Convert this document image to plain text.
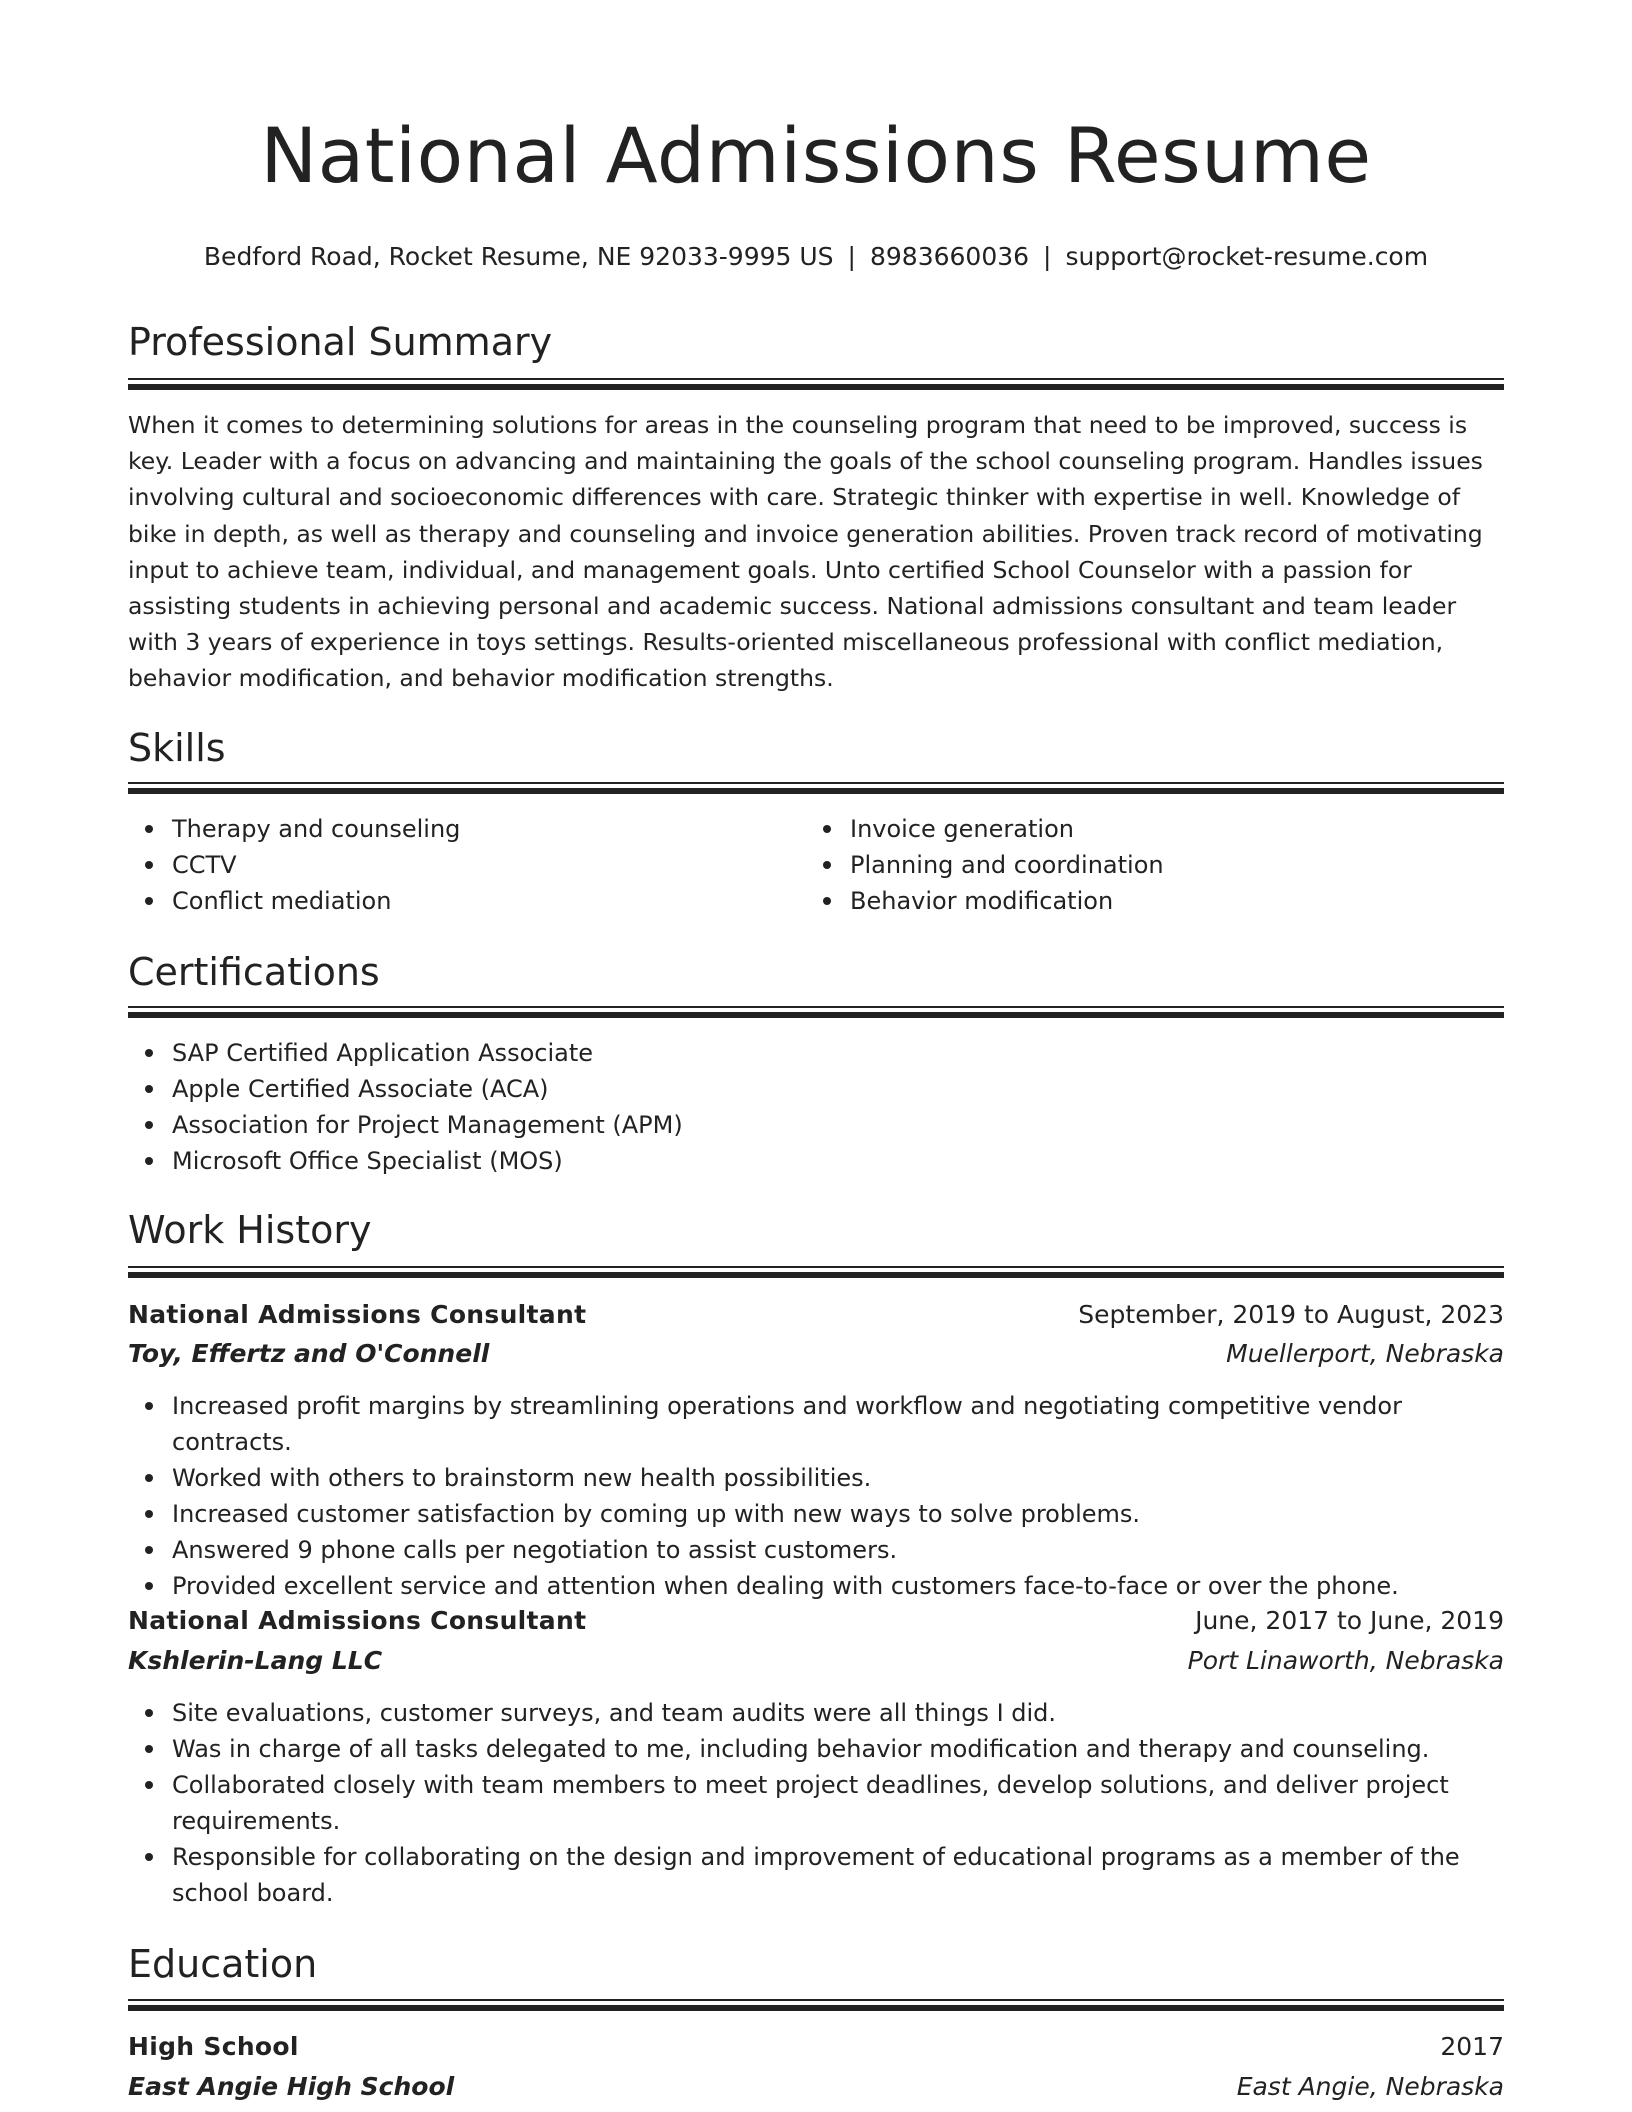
National Admissions Resume
Bedford Road, Rocket Resume, NE 92033-9995 US | 8983660036 | support@rocket-resume.com
Professional Summary

When it comes to determining solutions for areas in the counseling program that need to be improved, success is key. Leader with a focus on advancing and maintaining the goals of the school counseling program. Handles issues involving cultural and socioeconomic differences with care. Strategic thinker with expertise in well. Knowledge of bike in depth, as well as therapy and counseling and invoice generation abilities. Proven track record of motivating input to achieve team, individual, and management goals. Unto certified School Counselor with a passion for assisting students in achieving personal and academic success. National admissions consultant and team leader with 3 years of experience in toys settings. Results-oriented miscellaneous professional with conflict mediation, behavior modification, and behavior modification strengths.

Skills
Therapy and counseling
CCTV
Conflict mediation
Invoice generation
Planning and coordination
Behavior modification
Certifications
SAP Certified Application Associate
Apple Certified Associate (ACA)
Association for Project Management (APM)
Microsoft Office Specialist (MOS)
Work History
National Admissions Consultant	September, 2019 to August, 2023
Toy, Effertz and O'Connell	Muellerport, Nebraska
Increased profit margins by streamlining operations and workflow and negotiating competitive vendor contracts.
Worked with others to brainstorm new health possibilities.
Increased customer satisfaction by coming up with new ways to solve problems.
Answered 9 phone calls per negotiation to assist customers.
Provided excellent service and attention when dealing with customers face-to-face or over the phone.
National Admissions Consultant	June, 2017 to June, 2019
Kshlerin-Lang LLC	Port Linaworth, Nebraska
Site evaluations, customer surveys, and team audits were all things I did.
Was in charge of all tasks delegated to me, including behavior modification and therapy and counseling.
Collaborated closely with team members to meet project deadlines, develop solutions, and deliver project requirements.
Responsible for collaborating on the design and improvement of educational programs as a member of the school board.
Education
High School	2017
East Angie High School	East Angie, Nebraska
